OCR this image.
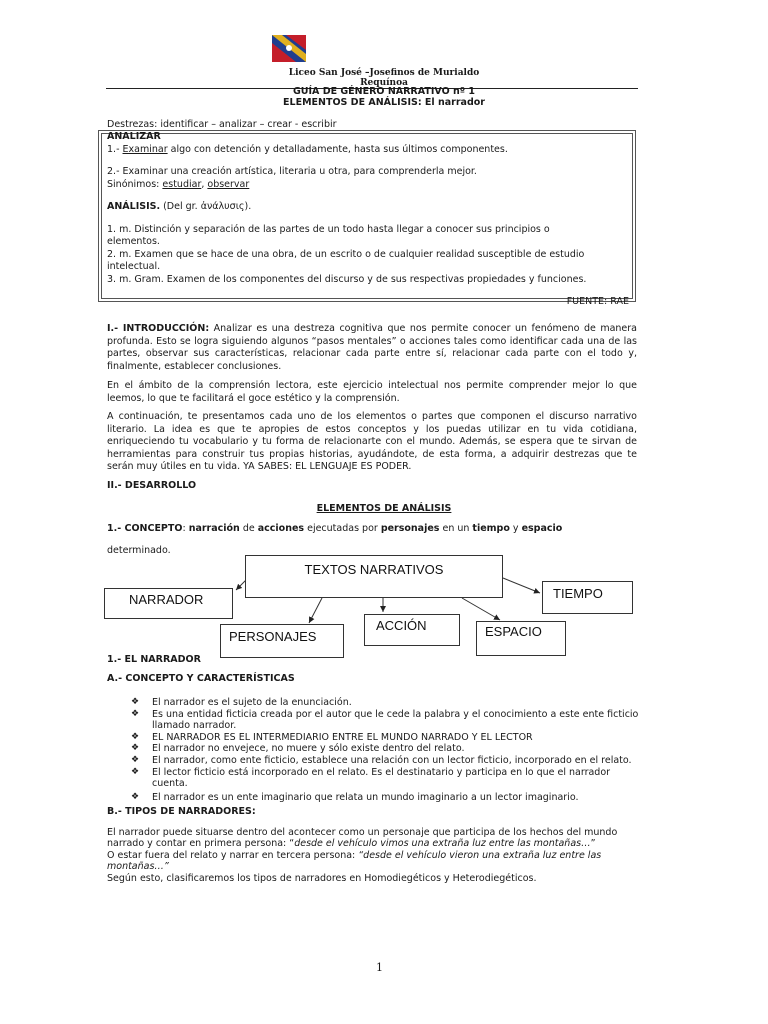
Liceo San José –Josefinos de Murialdo
Requínoa
GUÍA DE GÉNERO NARRATIVO nº 1
ELEMENTOS DE ANÁLISIS: El narrador
Destrezas: identificar – analizar – crear - escribir
ANALIZAR
1.- Examinar algo con detención y detalladamente, hasta sus últimos componentes.
2.- Examinar una creación artística, literaria u otra, para comprenderla mejor.
Sinónimos: estudiar, observar
ANÁLISIS. (Del gr. ἀνάλυσις).
1. m. Distinción y separación de las partes de un todo hasta llegar a conocer sus principios o elementos.
2. m. Examen que se hace de una obra, de un escrito o de cualquier realidad susceptible de estudio intelectual.
3. m. Gram. Examen de los componentes del discurso y de sus respectivas propiedades y funciones.
FUENTE: RAE
I.- INTRODUCCIÓN: Analizar es una destreza cognitiva que nos permite conocer un fenómeno de manera profunda. Esto se logra siguiendo algunos “pasos mentales” o acciones tales como identificar cada una de las partes, observar sus características, relacionar cada parte entre sí, relacionar cada parte con el todo y, finalmente, establecer conclusiones.
En el ámbito de la comprensión lectora, este ejercicio intelectual nos permite comprender mejor lo que leemos, lo que te facilitará el goce estético y la comprensión.
A continuación, te presentamos cada uno de los elementos o partes que componen el discurso narrativo literario. La idea es que te apropies de estos conceptos y los puedas utilizar en tu vida cotidiana, enriqueciendo tu vocabulario y tu forma de relacionarte con el mundo. Además, se espera que te sirvan de herramientas para construir tus propias historias, ayudándote, de esta forma, a adquirir destrezas que te serán muy útiles en tu vida. YA SABES: EL LENGUAJE ES PODER.
II.- DESARROLLO
ELEMENTOS DE ANÁLISIS
1.- CONCEPTO: narración de acciones ejecutadas por personajes en un tiempo y espacio
determinado.
TEXTOS NARRATIVOS
NARRADOR	TIEMPO
PERSONAJES
ACCIÓN	ESPACIO
1.- EL NARRADOR
A.- CONCEPTO Y CARACTERÍSTICAS
❖ El narrador es el sujeto de la enunciación.
❖ Es una entidad ficticia creada por el autor que le cede la palabra y el conocimiento a este ente ficticio llamado narrador.
❖ EL NARRADOR ES EL INTERMEDIARIO ENTRE EL MUNDO NARRADO Y EL LECTOR
❖ El narrador no envejece, no muere y sólo existe dentro del relato.
❖ El narrador, como ente ficticio, establece una relación con un lector ficticio, incorporado en el relato.
❖ El lector ficticio está incorporado en el relato. Es el destinatario y participa en lo que el narrador cuenta.
❖ El narrador es un ente imaginario que relata un mundo imaginario a un lector imaginario.
B.- TIPOS DE NARRADORES:
El narrador puede situarse dentro del acontecer como un personaje que participa de los hechos del mundo narrado y contar en primera persona: “desde el vehículo vimos una extraña luz entre las montañas…”
O estar fuera del relato y narrar en tercera persona: “desde el vehículo vieron una extraña luz entre las montañas…”
Según esto, clasificaremos los tipos de narradores en Homodiegéticos y Heterodiegéticos.
1
